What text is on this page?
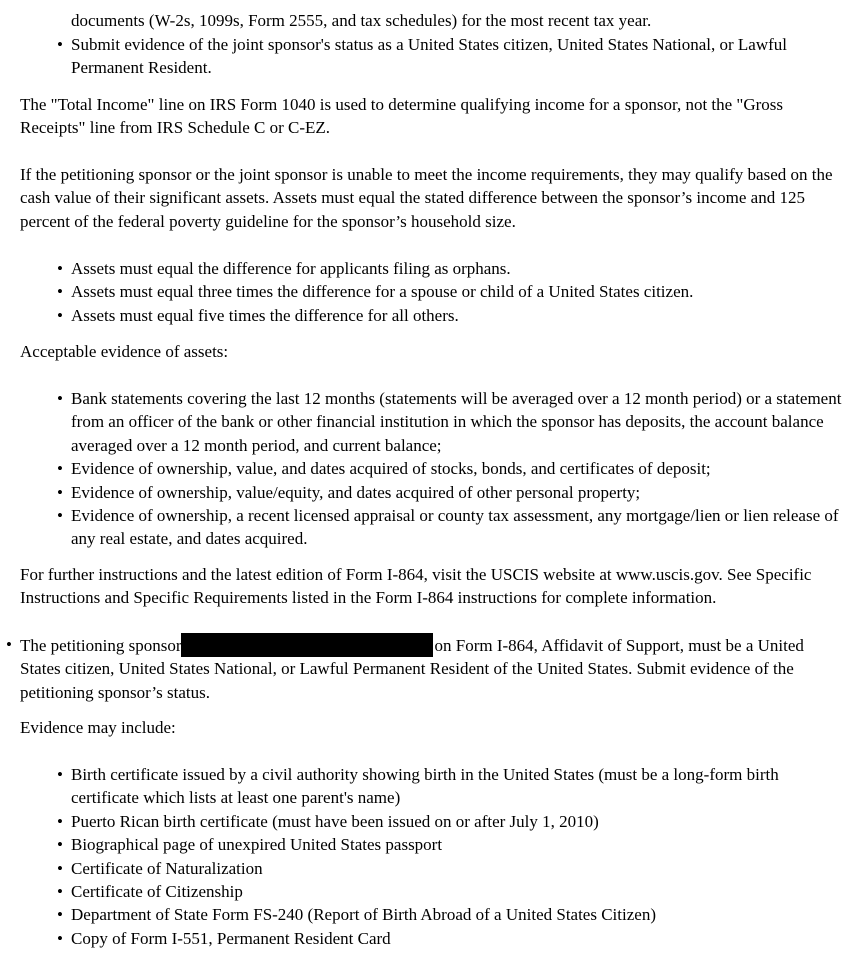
documents (W-2s, 1099s, Form 2555, and tax schedules) for the most recent tax year.

• Submit evidence of the joint sponsor's status as a United States citizen, United States National, or Lawful Permanent Resident.

The "Total Income" line on IRS Form 1040 is used to determine qualifying income for a sponsor, not the "Gross Receipts" line from IRS Schedule C or C-EZ.

If the petitioning sponsor or the joint sponsor is unable to meet the income requirements, they may qualify based on the cash value of their significant assets. Assets must equal the stated difference between the sponsor’s income and 125 percent of the federal poverty guideline for the sponsor’s household size.

• Assets must equal the difference for applicants filing as orphans.
• Assets must equal three times the difference for a spouse or child of a United States citizen.
• Assets must equal five times the difference for all others.

Acceptable evidence of assets:

• Bank statements covering the last 12 months (statements will be averaged over a 12 month period) or a statement from an officer of the bank or other financial institution in which the sponsor has deposits, the account balance averaged over a 12 month period, and current balance;
• Evidence of ownership, value, and dates acquired of stocks, bonds, and certificates of deposit;
• Evidence of ownership, value/equity, and dates acquired of other personal property;
• Evidence of ownership, a recent licensed appraisal or county tax assessment, any mortgage/lien or lien release of any real estate, and dates acquired.

For further instructions and the latest edition of Form I-864, visit the USCIS website at www.uscis.gov. See Specific Instructions and Specific Requirements listed in the Form I-864 instructions for complete information.

• The petitioning sponsor	on Form I-864, Affidavit of Support, must be a United States citizen, United States National, or Lawful Permanent Resident of the United States. Submit evidence of the petitioning sponsor’s status.

Evidence may include:

• Birth certificate issued by a civil authority showing birth in the United States (must be a long-form birth certificate which lists at least one parent's name)
• Puerto Rican birth certificate (must have been issued on or after July 1, 2010)
• Biographical page of unexpired United States passport
• Certificate of Naturalization
• Certificate of Citizenship
• Department of State Form FS-240 (Report of Birth Abroad of a United States Citizen)
• Copy of Form I-551, Permanent Resident Card
